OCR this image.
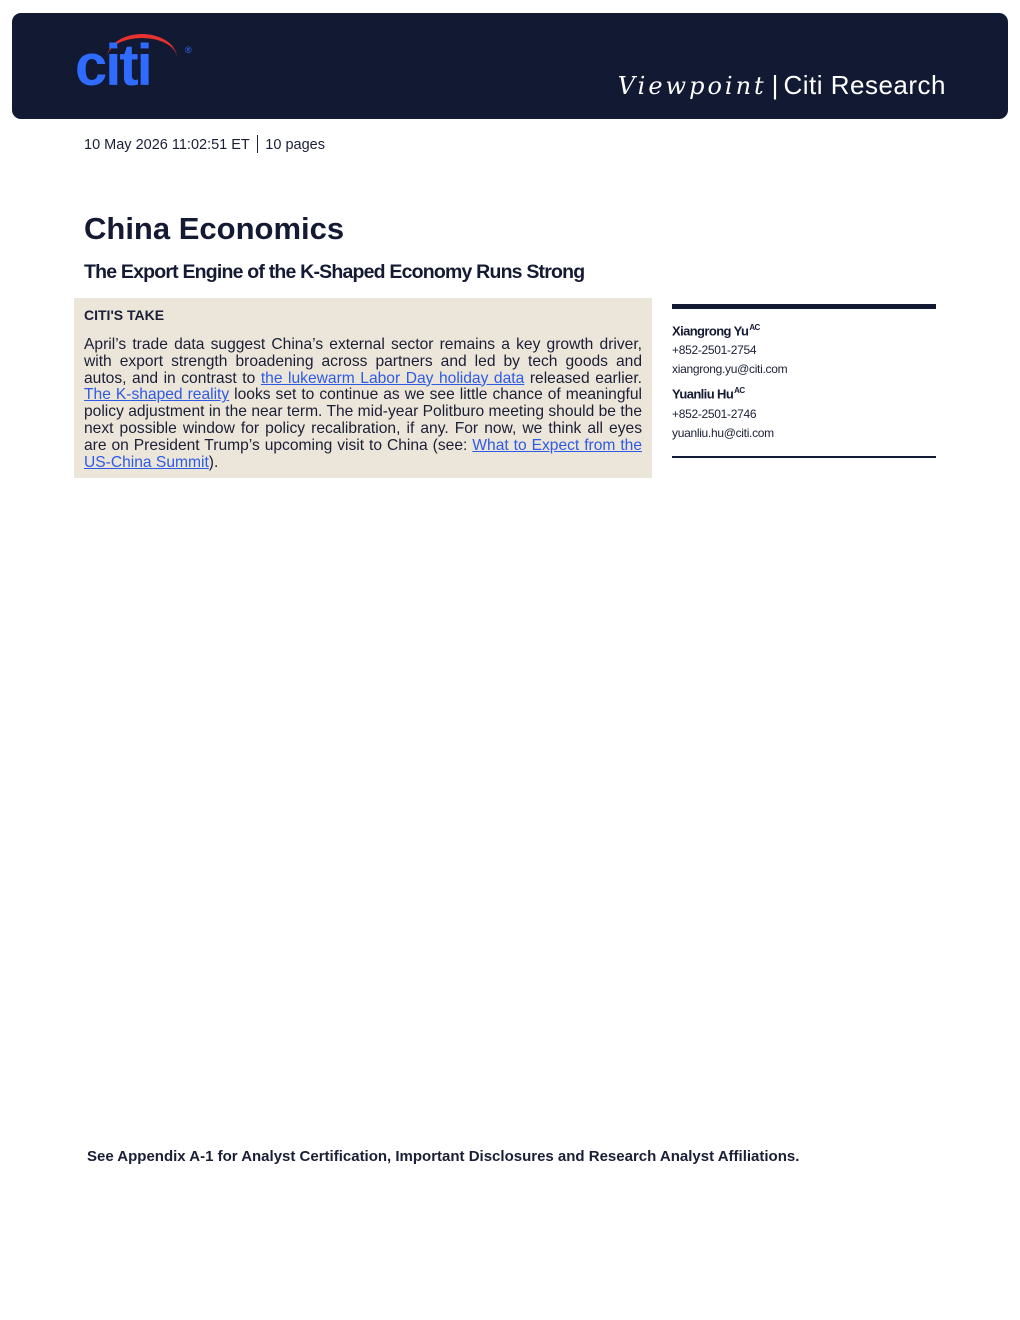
citi	®
Viewpoint | Citi Research
10 May 2026 11:02:51 ET 10 pages
China Economics
The Export Engine of the K-Shaped Economy Runs Strong
CITI'S TAKE

April’s trade data suggest China’s external sector remains a key growth driver, with export strength broadening across partners and led by tech goods and autos, and in contrast to the lukewarm Labor Day holiday data released earlier. The K-shaped reality looks set to continue as we see little chance of meaningful policy adjustment in the near term. The mid-year Politburo meeting should be the next possible window for policy recalibration, if any. For now, we think all eyes are on President Trump’s upcoming visit to China (see: What to Expect from the US-China Summit).

Xiangrong $Yu^{AC}$
+852-2501-2754
xiangrong.yu@citi.com
Yuanliu $Hu^{AC}$
+852-2501-2746
yuanliu.hu@citi.com
See Appendix A-1 for Analyst Certification, Important Disclosures and Research Analyst Affiliations.
